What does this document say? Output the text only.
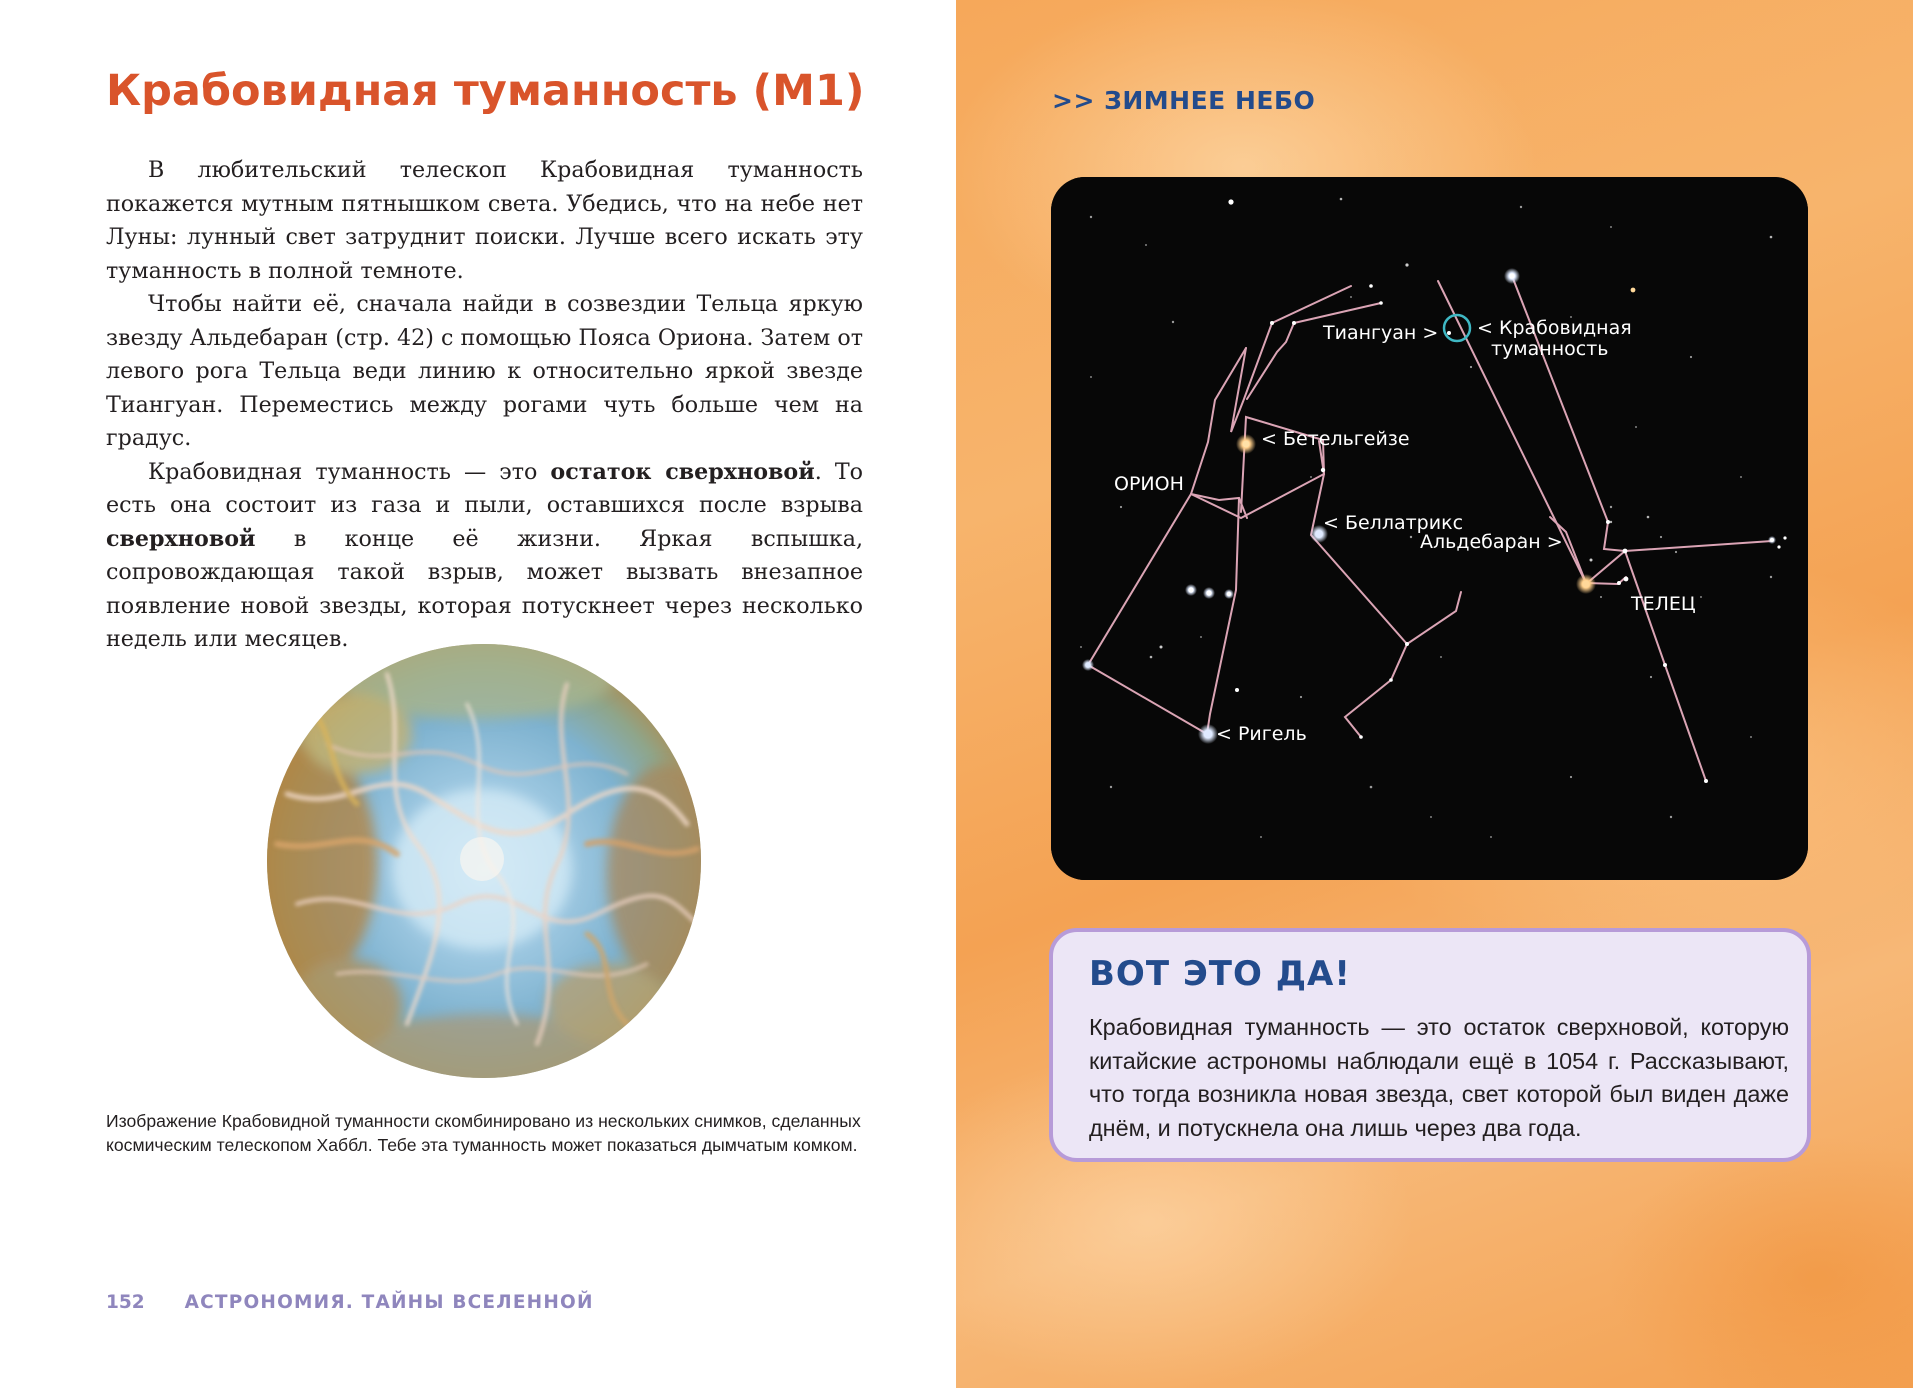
Крабовидная туманность (М1)

В любительский телескоп Крабовидная туманность покажется мутным пятнышком света. Убедись, что на небе нет Луны: лунный свет затруднит поиски. Лучше всего искать эту туманность в полной темноте.

Чтобы найти её, сначала найди в созвездии Тельца яркую звезду Альдебаран (стр. 42) с помощью Пояса Ориона. Затем от левого рога Тельца веди линию к относительно яркой звезде Тиангуан. Переместись между рогами чуть больше чем на градус.

Крабовидная туманность — это остаток сверхновой. То есть она состоит из газа и пыли, оставшихся после взрыва сверхновой в конце её жизни. Яркая вспышка, сопровождающая такой взрыв, может вызвать внезапное появление новой звезды, которая потускнеет через несколько недель или месяцев.

Изображение Крабовидной туманности скомбинировано из нескольких снимков, сделанных космическим телескопом Хаббл. Тебе эта туманность может показаться дымчатым комком.

152 АСТРОНОМИЯ. ТАЙНЫ ВСЕЛЕННОЙ
>> ЗИМНЕЕ НЕБО
Тиангуан > < Крабовидная
туманность
< Бетельгейзе
ОРИОН
< Беллатрикс
Альдебаран >
ТЕЛЕЦ
< Ригель
ВОТ ЭТО ДА!

Крабовидная туманность — это остаток сверхновой, которую китайские астрономы наблюдали ещё в 1054 г. Рассказывают, что тогда возникла новая звезда, свет которой был виден даже днём, и потускнела она лишь через два года.
